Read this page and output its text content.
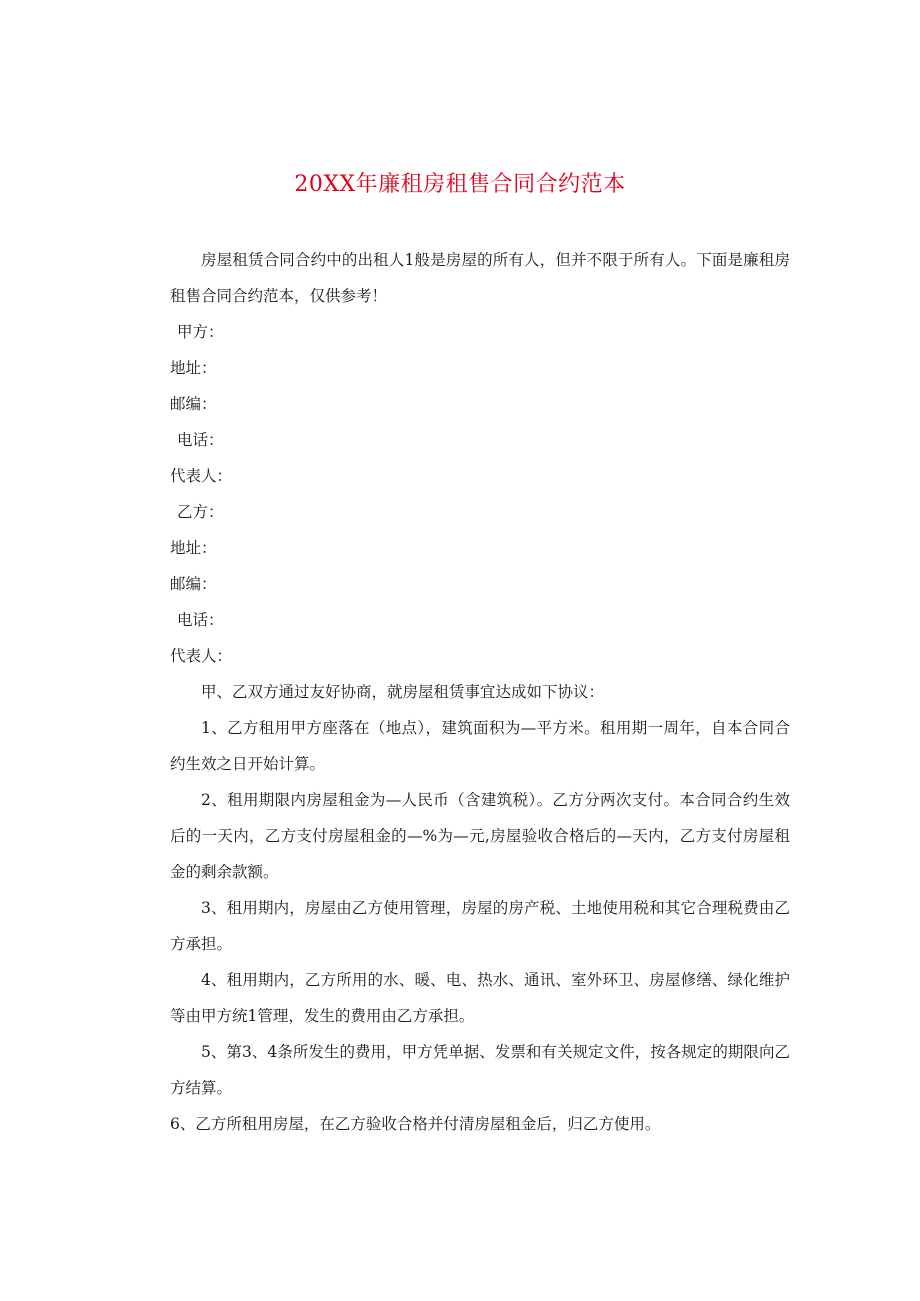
20XX年廉租房租售合同合约范本

房屋租赁合同合约中的出租人1般是房屋的所有人，但并不限于所有人。下面是廉租房租售合同合约范本，仅供参考！

甲方：

地址：

邮编：

电话：

代表人：

乙方：

地址：

邮编：

电话：

代表人：

甲、乙双方通过友好协商，就房屋租赁事宜达成如下协议：

1、乙方租用甲方座落在（地点），建筑面积为—平方米。租用期一周年，自本合同合约生效之日开始计算。

2、租用期限内房屋租金为—人民币（含建筑税）。乙方分两次支付。本合同合约生效后的一天内，乙方支付房屋租金的—%为—元,房屋验收合格后的—天内，乙方支付房屋租金的剩余款额。

3、租用期内，房屋由乙方使用管理，房屋的房产税、土地使用税和其它合理税费由乙方承担。

4、租用期内，乙方所用的水、暖、电、热水、通讯、室外环卫、房屋修缮、绿化维护等由甲方统1管理，发生的费用由乙方承担。

5、第3、4条所发生的费用，甲方凭单据、发票和有关规定文件，按各规定的期限向乙方结算。

6、乙方所租用房屋，在乙方验收合格并付清房屋租金后，归乙方使用。
